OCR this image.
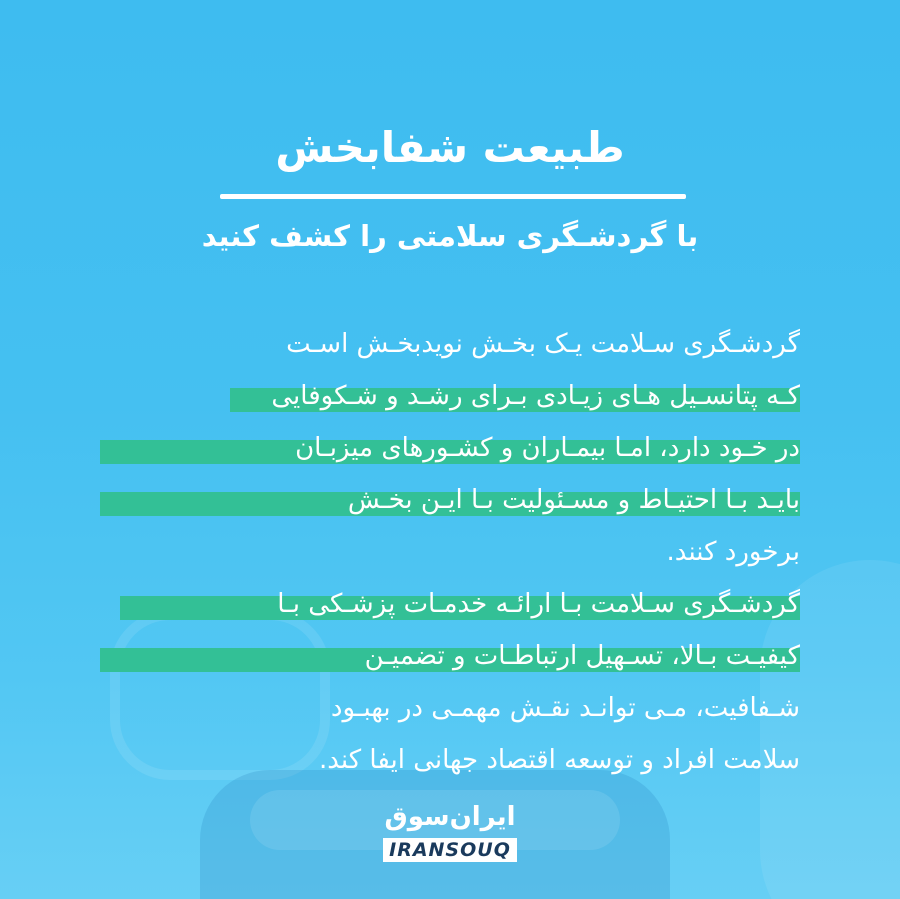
طبیعت شفابخش
با گردشـگری سلامتی را کشف کنید
گردشـگری سـلامت یـک بخـش نویدبخـش اسـت
کـه پتانسـیل هـای زیـادی بـرای رشـد و شـکوفایی
در خـود دارد، امـا بیمـاران و کشـورهای میزبـان
بایـد بـا احتیـاط و مسـئولیت بـا ایـن بخـش
برخورد کنند.
گردشـگری سـلامت بـا ارائـه خدمـات پزشـکی بـا
کیفیـت بـالا، تسـهیل ارتباطـات و تضمیـن
شـفافیت، مـی توانـد نقـش مهمـی در بهبـود
سلامت افراد و توسعه اقتصاد جهانی ایفا کند.
ایران‌سوق
IRANSOUQ
